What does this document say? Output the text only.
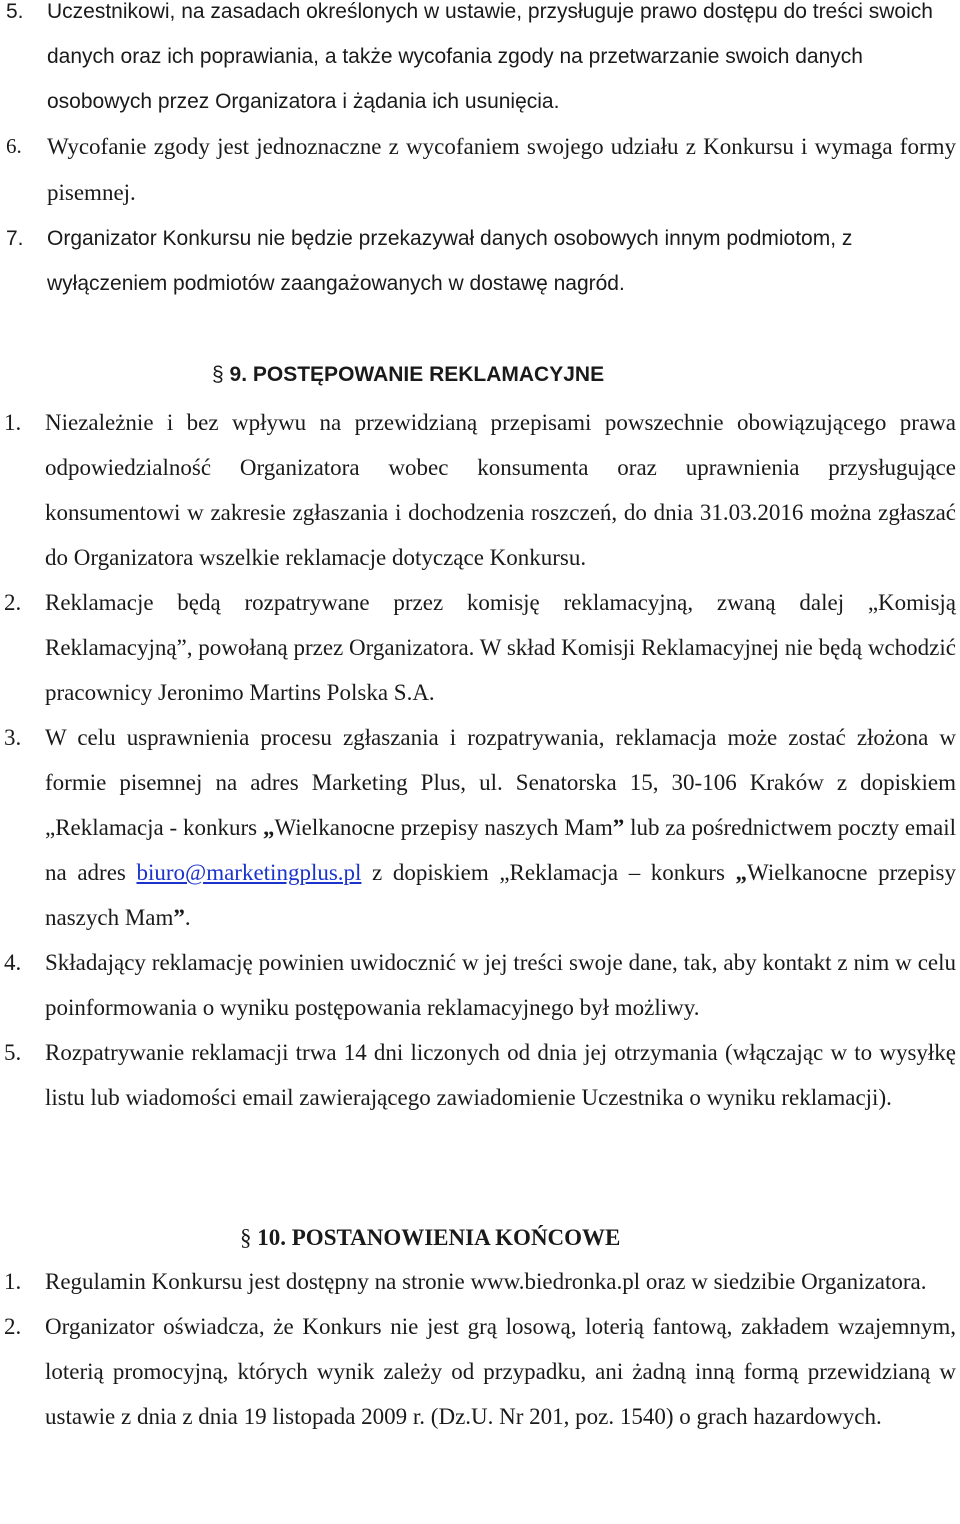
5. Uczestnikowi, na zasadach określonych w ustawie, przysługuje prawo dostępu do treści swoich danych oraz ich poprawiania, a także wycofania zgody na przetwarzanie swoich danych osobowych przez Organizatora i żądania ich usunięcia.
6. Wycofanie zgody jest jednoznaczne z wycofaniem swojego udziału z Konkursu i wymaga formy pisemnej.
7. Organizator Konkursu nie będzie przekazywał danych osobowych innym podmiotom, z wyłączeniem podmiotów zaangażowanych w dostawę nagród.
§ 9. POSTĘPOWANIE REKLAMACYJNE
1. Niezależnie i bez wpływu na przewidzianą przepisami powszechnie obowiązującego prawa odpowiedzialność Organizatora wobec konsumenta oraz uprawnienia przysługujące konsumentowi w zakresie zgłaszania i dochodzenia roszczeń, do dnia 31.03.2016 można zgłaszać do Organizatora wszelkie reklamacje dotyczące Konkursu.
2. Reklamacje będą rozpatrywane przez komisję reklamacyjną, zwaną dalej „Komisją Reklamacyjną”, powołaną przez Organizatora. W skład Komisji Reklamacyjnej nie będą wchodzić pracownicy Jeronimo Martins Polska S.A.
3. W celu usprawnienia procesu zgłaszania i rozpatrywania, reklamacja może zostać złożona w formie pisemnej na adres Marketing Plus, ul. Senatorska 15, 30-106 Kraków z dopiskiem „Reklamacja - konkurs „Wielkanocne przepisy naszych Mam” lub za pośrednictwem poczty email na adres biuro@marketingplus.pl z dopiskiem „Reklamacja – konkurs „Wielkanocne przepisy naszych Mam”.
4. Składający reklamację powinien uwidocznić w jej treści swoje dane, tak, aby kontakt z nim w celu poinformowania o wyniku postępowania reklamacyjnego był możliwy.
5. Rozpatrywanie reklamacji trwa 14 dni liczonych od dnia jej otrzymania (włączając w to wysyłkę listu lub wiadomości email zawierającego zawiadomienie Uczestnika o wyniku reklamacji).
§ 10. POSTANOWIENIA KOŃCOWE
1. Regulamin Konkursu jest dostępny na stronie www.biedronka.pl oraz w siedzibie Organizatora.
2. Organizator oświadcza, że Konkurs nie jest grą losową, loterią fantową, zakładem wzajemnym, loterią promocyjną, których wynik zależy od przypadku, ani żadną inną formą przewidzianą w ustawie z dnia z dnia 19 listopada 2009 r. (Dz.U. Nr 201, poz. 1540) o grach hazardowych.
